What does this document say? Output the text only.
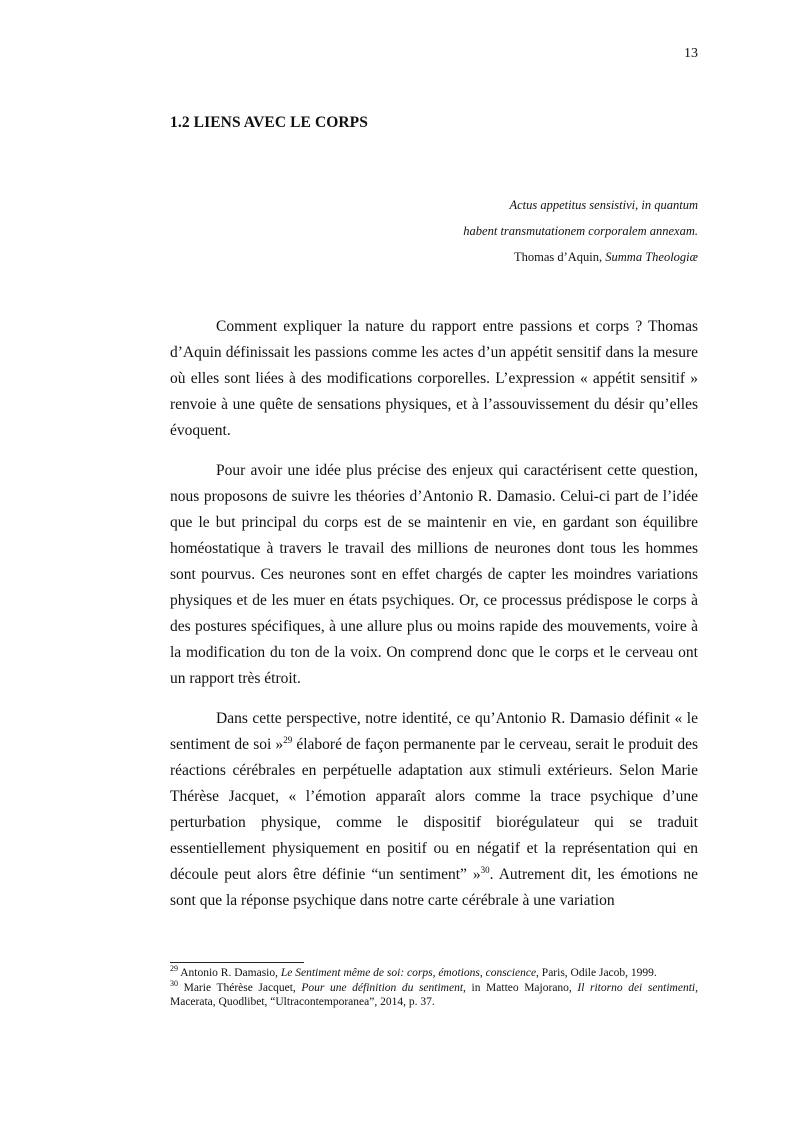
13
1.2 LIENS AVEC LE CORPS
Actus appetitus sensistivi, in quantum
habent transmutationem corporalem annexam.
Thomas d’Aquin, Summa Theologiæ

Comment expliquer la nature du rapport entre passions et corps ? Thomas d’Aquin définissait les passions comme les actes d’un appétit sensitif dans la mesure où elles sont liées à des modifications corporelles. L’expression « appétit sensitif » renvoie à une quête de sensations physiques, et à l’assouvissement du désir qu’elles évoquent.

Pour avoir une idée plus précise des enjeux qui caractérisent cette question, nous proposons de suivre les théories d’Antonio R. Damasio. Celui-ci part de l’idée que le but principal du corps est de se maintenir en vie, en gardant son équilibre homéostatique à travers le travail des millions de neurones dont tous les hommes sont pourvus. Ces neurones sont en effet chargés de capter les moindres variations physiques et de les muer en états psychiques. Or, ce processus prédispose le corps à des postures spécifiques, à une allure plus ou moins rapide des mouvements, voire à la modification du ton de la voix. On comprend donc que le corps et le cerveau ont un rapport très étroit.

Dans cette perspective, notre identité, ce qu’Antonio R. Damasio définit « le sentiment de soi »$^{29}$ élaboré de façon permanente par le cerveau, serait le produit des réactions cérébrales en perpétuelle adaptation aux stimuli extérieurs. Selon Marie Thérèse Jacquet, « l’émotion apparaît alors comme la trace psychique d’une perturbation physique, comme le dispositif biorégulateur qui se traduit essentiellement physiquement en positif ou en négatif et la représentation qui en découle peut alors être définie “un sentiment” »$^{30}$. Autrement dit, les émotions ne sont que la réponse psychique dans notre carte cérébrale à une variation

$^{29}$ Antonio R. Damasio, Le Sentiment même de soi: corps, émotions, conscience, Paris, Odile Jacob, 1999.

$^{30}$ Marie Thérèse Jacquet, Pour une définition du sentiment, in Matteo Majorano, Il ritorno dei sentimenti, Macerata, Quodlibet, “Ultracontemporanea”, 2014, p. 37.
